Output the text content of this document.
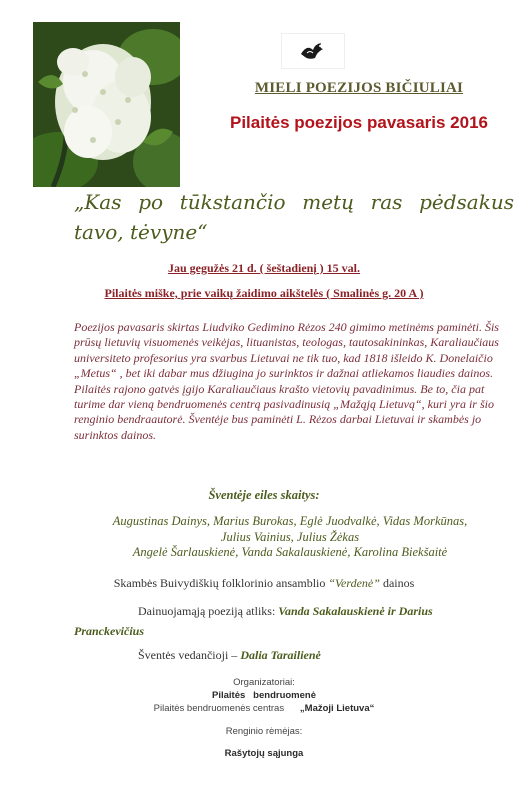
MIELI POEZIJOS BIČIULIAI
Pilaitės poezijos pavasaris 2016
„Kas po tūkstančio metų ras pėdsakus tavo, tėvyne“
Jau gegužės 21 d. ( šeštadienį ) 15 val.
Pilaitės miške, prie vaikų žaidimo aikštelės ( Smalinės g. 20 A )
Poezijos pavasaris skirtas Liudviko Gedimino Rėzos 240 gimimo metinėms paminėti. Šis prūsų lietuvių visuomenės veikėjas, lituanistas, teologas, tautosakininkas, Karaliaučiaus universiteto profesorius yra svarbus Lietuvai ne tik tuo, kad 1818 išleido K. Donelaičio „Metus“ , bet iki dabar mus džiugina jo surinktos ir dažnai atliekamos liaudies dainos. Pilaitės rajono gatvės įgijo Karaliaučiaus krašto vietovių pavadinimus. Be to, čia pat turime dar vieną bendruomenės centrą pasivadinusią „Mažąją Lietuvą“, kuri yra ir šio renginio bendraautorė. Šventėje bus paminėti L. Rėzos darbai Lietuvai ir skambės jo surinktos dainos.
Šventėje eiles skaitys:
Augustinas Dainys, Marius Burokas, Eglė Juodvalkė, Vidas Morkūnas,
Julius Vainius, Julius Žėkas
Angelė Šarlauskienė, Vanda Sakalauskienė, Karolina Biekšaitė
Skambės Buivydiškių folklorinio ansamblio “Verdenė” dainos
Dainuojamąją poeziją atliks: Vanda Sakalauskienė ir Darius
Pranckevičius
Šventės vedančioji – Dalia Tarailienė
Organizatoriai:
Pilaitės   bendruomenė
Pilaitės bendruomenės centras „Mažoji Lietuva“
Renginio rėmėjas:
Rašytojų sąjunga
